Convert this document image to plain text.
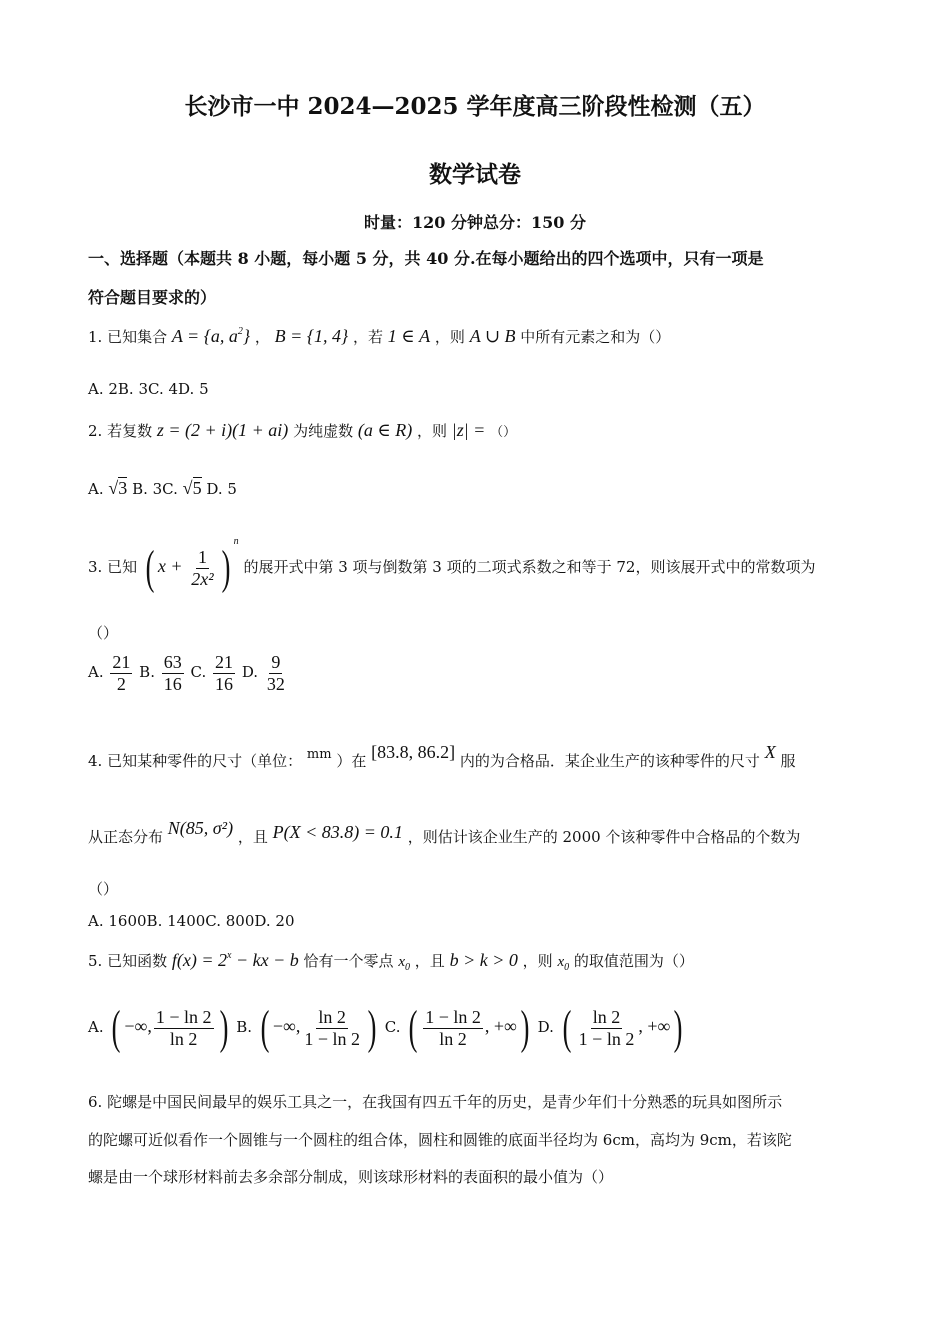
长沙市一中 2024—2025 学年度高三阶段性检测（五）
数学试卷
时量：120 分钟总分：150 分
一、选择题（本题共 8 小题，每小题 5 分，共 40 分.在每小题给出的四个选项中，只有一项是
符合题目要求的）
1. 已知集合 A = {a, $a^2$} ， B = {1, 4} ，若 1 ∈ A ，则 A ∪ B 中所有元素之和为（）
A. 2B. 3C. 4D. 5
2. 若复数 z = (2 + i)(1 + ai) 为纯虚数 (a ∈ R) ，则 |z| = （）
A. √3 B. 3C. √5 D. 5
3. 已知 ( $x + \frac{1}{\text{2x²}}$ ) $^n$ 的展开式中第 3 项与倒数第 3 项的二项式系数之和等于 72，则该展开式中的常数项为
（）
A. $\frac{21}{2} B$. $\frac{63}{16} C$. $\frac{21}{16} D$. $\frac{9}{32}$
4. 已知某种零件的尺寸（单位： mm ）在 [83.8, 86.2] 内的为合格品．某企业生产的该种零件的尺寸 X 服
从正态分布 N(85, σ²) ，且 P(X < 83.8) = 0.1 ，则估计该企业生产的 2000 个该种零件中合格品的个数为
（）
A. 1600B. 1400C. 800D. 20
5. 已知函数 $f(x) = 2^x$ − kx − b 恰有一个零点 $x_0$ ，且 b > k > 0 ，则 $x_0$ 的取值范围为（）
A. ( −∞, $\frac{1 - \ln 2}{\ln 2}$ ) B. ( −∞, $\frac{\ln 2}{1 - \ln 2}$ ) C. ( $\frac{1 - \ln 2}{\ln 2}$ , +∞) D. ( $\frac{\ln 2}{1 - \ln 2}$ , +∞)
6. 陀螺是中国民间最早的娱乐工具之一，在我国有四五千年的历史，是青少年们十分熟悉的玩具如图所示
的陀螺可近似看作一个圆锥与一个圆柱的组合体，圆柱和圆锥的底面半径均为 6cm，高均为 9cm，若该陀
螺是由一个球形材料前去多余部分制成，则该球形材料的表面积的最小值为（）
